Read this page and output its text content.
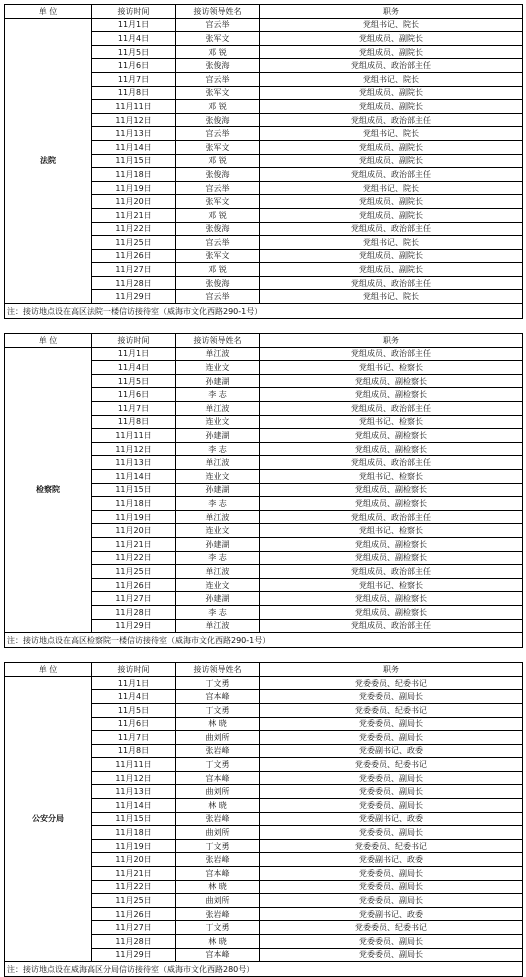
单 位	接访时间	接访领导姓名	职务
法院	11月1日	宫云举	党组书记、院长
	11月4日	张军文	党组成员、副院长
	11月5日	邓 锐	党组成员、副院长
	11月6日	张俊海	党组成员、政治部主任
	11月7日	宫云举	党组书记、院长
	11月8日	张军文	党组成员、副院长
	11月11日	邓 锐	党组成员、副院长
	11月12日	张俊海	党组成员、政治部主任
	11月13日	宫云举	党组书记、院长
	11月14日	张军文	党组成员、副院长
	11月15日	邓 锐	党组成员、副院长
	11月18日	张俊海	党组成员、政治部主任
	11月19日	宫云举	党组书记、院长
	11月20日	张军文	党组成员、副院长
	11月21日	邓 锐	党组成员、副院长
	11月22日	张俊海	党组成员、政治部主任
	11月25日	宫云举	党组书记、院长
	11月26日	张军文	党组成员、副院长
	11月27日	邓 锐	党组成员、副院长
	11月28日	张俊海	党组成员、政治部主任
	11月29日	宫云举	党组书记、院长
注：接访地点设在高区法院一楼信访接待室（威海市文化西路290-1号）			
单 位	接访时间	接访领导姓名	职务
检察院	11月1日	单江波	党组成员、政治部主任
	11月4日	连业文	党组书记、检察长
	11月5日	孙建湖	党组成员、副检察长
	11月6日	李 志	党组成员、副检察长
	11月7日	单江波	党组成员、政治部主任
	11月8日	连业文	党组书记、检察长
	11月11日	孙建湖	党组成员、副检察长
	11月12日	李 志	党组成员、副检察长
	11月13日	单江波	党组成员、政治部主任
	11月14日	连业文	党组书记、检察长
	11月15日	孙建湖	党组成员、副检察长
	11月18日	李 志	党组成员、副检察长
	11月19日	单江波	党组成员、政治部主任
	11月20日	连业文	党组书记、检察长
	11月21日	孙建湖	党组成员、副检察长
	11月22日	李 志	党组成员、副检察长
	11月25日	单江波	党组成员、政治部主任
	11月26日	连业文	党组书记、检察长
	11月27日	孙建湖	党组成员、副检察长
	11月28日	李 志	党组成员、副检察长
	11月29日	单江波	党组成员、政治部主任
注：接访地点设在高区检察院一楼信访接待室（威海市文化西路290-1号）			
单 位	接访时间	接访领导姓名	职务
公安分局	11月1日	丁文勇	党委委员、纪委书记
	11月4日	宫本峰	党委委员、副局长
	11月5日	丁文勇	党委委员、纪委书记
	11月6日	林 晓	党委委员、副局长
	11月7日	曲刘所	党委委员、副局长
	11月8日	张岩峰	党委副书记、政委
	11月11日	丁文勇	党委委员、纪委书记
	11月12日	宫本峰	党委委员、副局长
	11月13日	曲刘所	党委委员、副局长
	11月14日	林 晓	党委委员、副局长
	11月15日	张岩峰	党委副书记、政委
	11月18日	曲刘所	党委委员、副局长
	11月19日	丁文勇	党委委员、纪委书记
	11月20日	张岩峰	党委副书记、政委
	11月21日	宫本峰	党委委员、副局长
	11月22日	林 晓	党委委员、副局长
	11月25日	曲刘所	党委委员、副局长
	11月26日	张岩峰	党委副书记、政委
	11月27日	丁文勇	党委委员、纪委书记
	11月28日	林 晓	党委委员、副局长
	11月29日	宫本峰	党委委员、副局长
注：接访地点设在威海高区分局信访接待室（威海市文化西路280号）			
